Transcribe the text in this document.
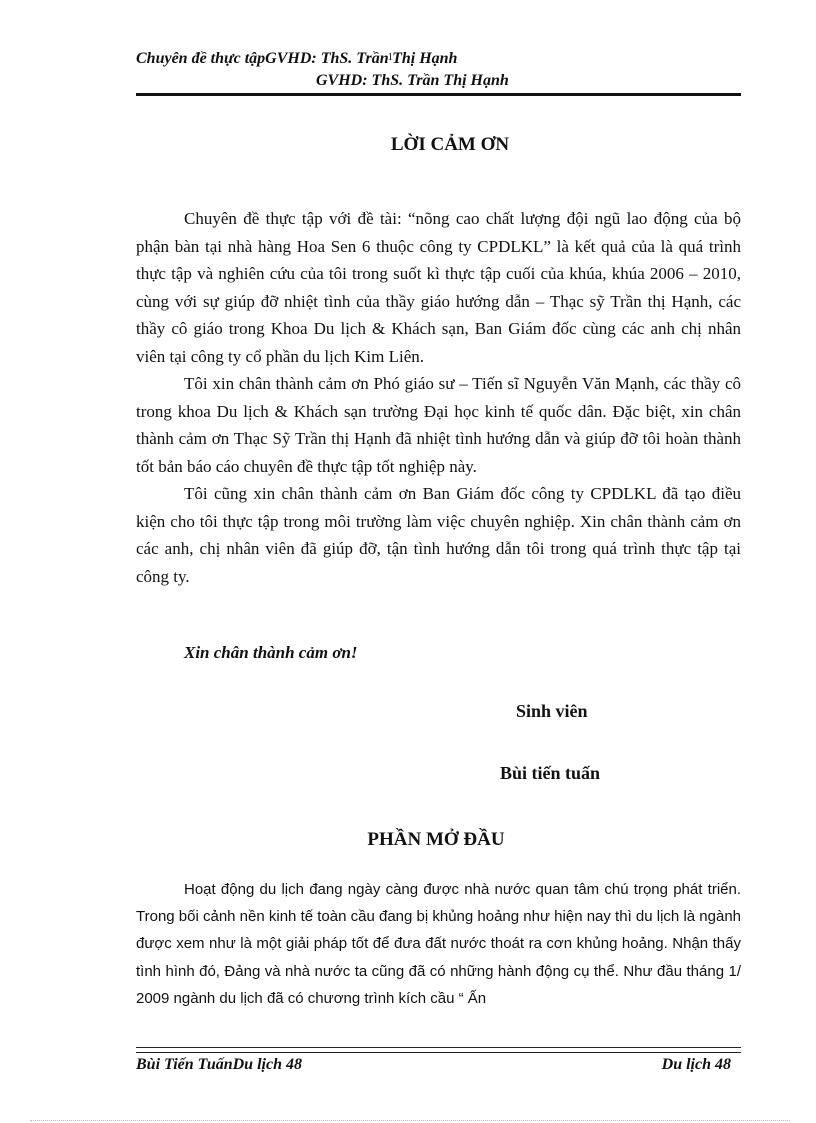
Chuyên đề thực tậpGVHD: ThS. Trần1Thị Hạnh
GVHD: ThS. Trần Thị Hạnh
LỜI CẢM ƠN

Chuyên đề thực tập với đề tài: “nõng cao chất lượng đội ngũ lao động của bộ phận bàn tại nhà hàng Hoa Sen 6 thuộc công ty CPDLKL” là kết quả của là quá trình thực tập và nghiên cứu của tôi trong suốt kì thực tập cuối của khúa, khúa 2006 – 2010, cùng với sự giúp đỡ nhiệt tình của thầy giáo hướng dẫn – Thạc sỹ Trần thị Hạnh, các thầy cô giáo trong Khoa Du lịch & Khách sạn, Ban Giám đốc cùng các anh chị nhân viên tại công ty cổ phần du lịch Kim Liên.

Tôi xin chân thành cảm ơn Phó giáo sư – Tiến sĩ Nguyễn Văn Mạnh, các thầy cô trong khoa Du lịch & Khách sạn trường Đại học kinh tế quốc dân. Đặc biệt, xin chân thành cảm ơn Thạc Sỹ Trần thị Hạnh đã nhiệt tình hướng dẫn và giúp đỡ tôi hoàn thành tốt bản báo cáo chuyên đề thực tập tốt nghiệp này.

Tôi cũng xin chân thành cảm ơn Ban Giám đốc công ty CPDLKL đã tạo điều kiện cho tôi thực tập trong môi trường làm việc chuyên nghiệp. Xin chân thành cảm ơn các anh, chị nhân viên đã giúp đỡ, tận tình hướng dẫn tôi trong quá trình thực tập tại công ty.

Xin chân thành cảm ơn!
Sinh viên
Bùi tiến tuấn
PHẦN MỞ ĐẦU

Hoạt động du lịch đang ngày càng được nhà nước quan tâm chú trọng phát triển. Trong bối cảnh nền kinh tế toàn cầu đang bị khủng hoảng như hiện nay thì du lịch là ngành được xem như là một giải pháp tốt để đưa đất nước thoát ra cơn khủng hoảng. Nhận thấy tình hình đó, Đảng và nhà nước ta cũng đã có những hành động cụ thể. Như đầu tháng 1/ 2009 ngành du lịch đã có chương trình kích cầu “ Ấn

Bùi Tiến TuấnDu lịch 48	Du lịch 48
